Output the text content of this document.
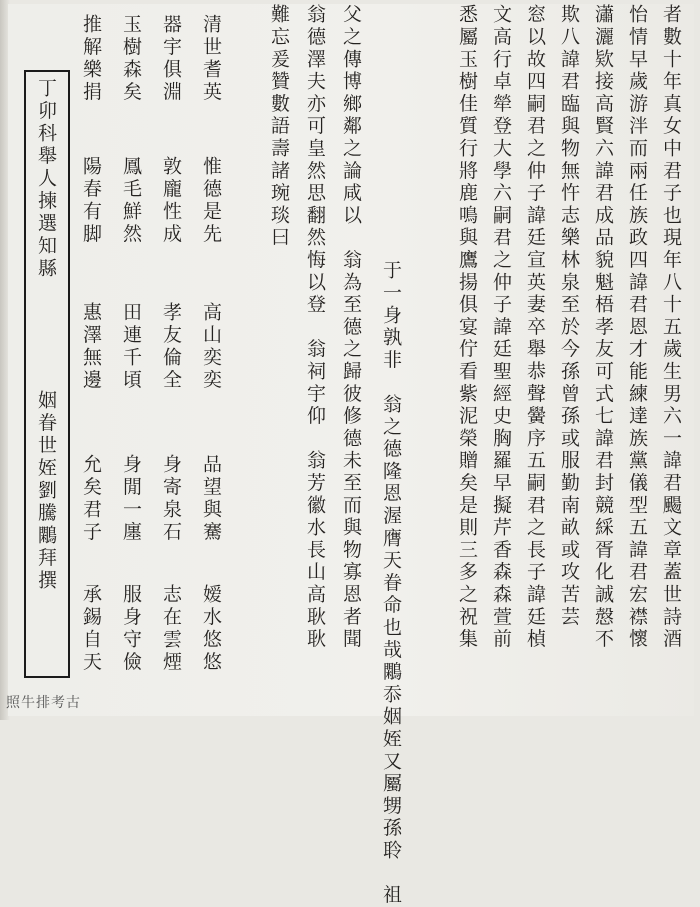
者數十年真女中君子也現年八十五歲生男六一諱君颺文章蓋世詩酒
怡情早歲游泮而兩任族政四諱君恩才能練達族黨儀型五諱君宏襟懷
瀟灑欵接高賢六諱君成品貌魁梧孝友可式七諱君封競綵胥化誠慤不
欺八諱君臨與物無忤志樂林泉至於今孫曾孫或服勤南畝或攻苦芸
窓以故四嗣君之仲子諱廷宣英妻卒舉恭聲黌序五嗣君之長子諱廷楨
文高行卓犖登大學六嗣君之仲子諱廷聖經史胸羅早擬芹香森森萱前
悉屬玉樹佳質行將鹿鳴與鷹揚俱宴佇看紫泥榮贈矣是則三多之祝集
于一身孰非　翁之德隆恩渥膺天眷命也哉鷴忝姻姪又屬甥孫聆　祖
父之傳博鄉鄰之論咸以　翁為至德之歸彼修德未至而與物寡恩者聞
翁德澤夫亦可皇然思翻然悔以登　翁祠宇仰　翁芳徽水長山高耿耿
難忘爰贊數語壽諸琬琰曰
清世耆英
惟德是先
高山奕奕
品望與騫
嫒水悠悠
器宇俱淵
敦龐性成
孝友倫全
身寄泉石
志在雲煙
玉樹森矣
鳳毛鮮然
田連千頃
身閒一廛
服身守儉
推解樂捐
陽春有脚
惠澤無邊
允矣君子
承錫自天
丁卯科舉人揀選知縣
姻眷世姪劉騰鷴拜撰
照牛排考古
